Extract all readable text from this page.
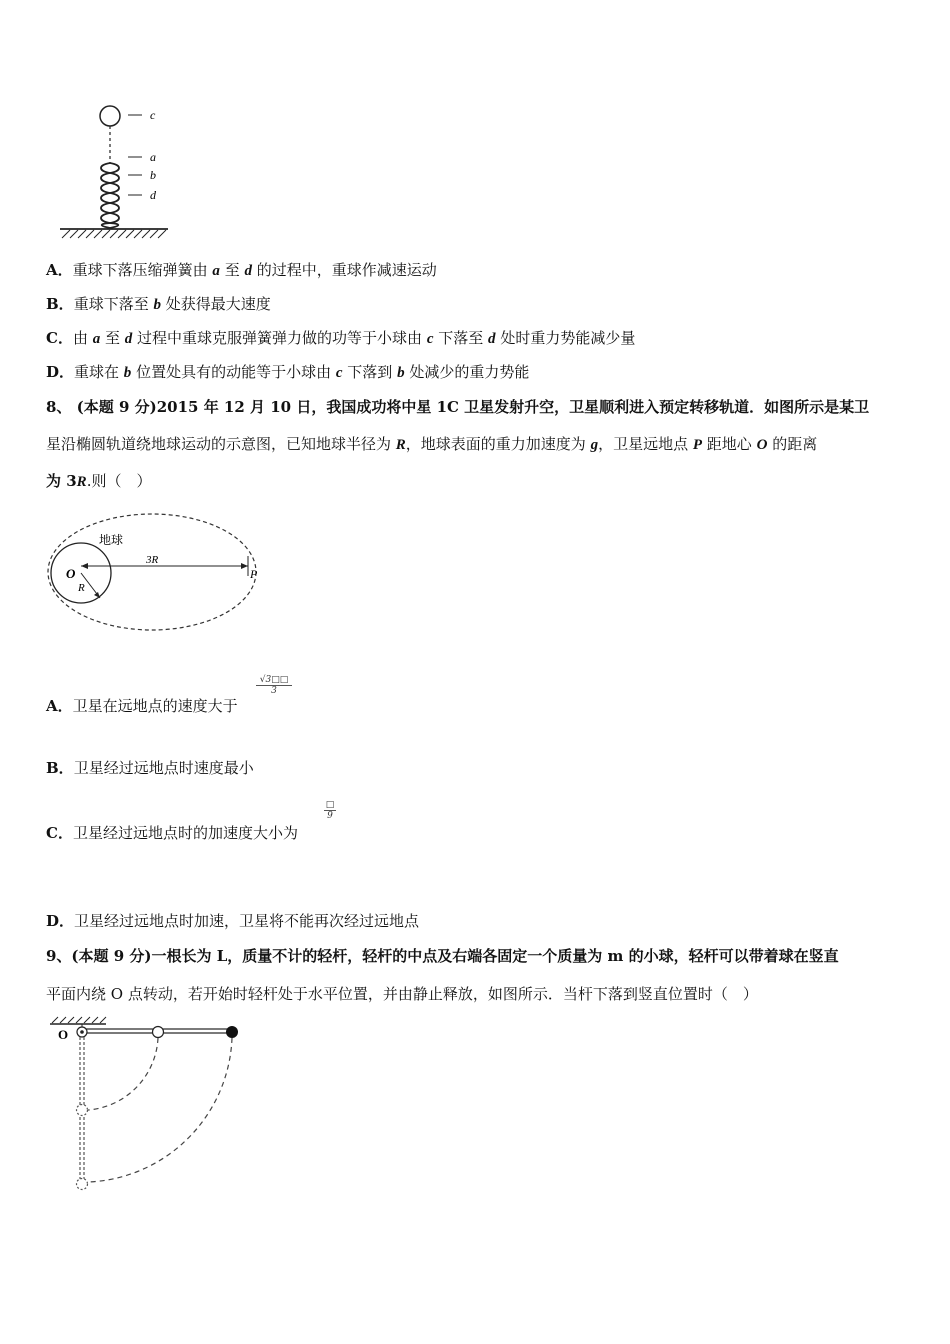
c
a
b
d
A．重球下落压缩弹簧由 a 至 d 的过程中，重球作减速运动
B．重球下落至 b 处获得最大速度
C．由 a 至 d 过程中重球克服弹簧弹力做的功等于小球由 c 下落至 d 处时重力势能减少量
D．重球在 b 位置处具有的动能等于小球由 c 下落到 b 处减少的重力势能
8、 (本题 9 分)2015 年 12 月 10 日，我国成功将中星 1C 卫星发射升空，卫星顺利进入预定转移轨道．如图所示是某卫
星沿椭圆轨道绕地球运动的示意图，已知地球半径为 R，地球表面的重力加速度为 g，卫星远地点 P 距地心 O 的距离
为 3R.则（　）
地球
O
R
3R
P
A．卫星在远地点的速度大于
$\frac{√3□□}{3}$
B．卫星经过远地点时速度最小
C．卫星经过远地点时的加速度大小为
□
9
D．卫星经过远地点时加速，卫星将不能再次经过远地点
9、(本题 9 分)一根长为 L，质量不计的轻杆，轻杆的中点及右端各固定一个质量为 m 的小球，轻杆可以带着球在竖直
平面内绕 O 点转动，若开始时轻杆处于水平位置，并由静止释放，如图所示．当杆下落到竖直位置时（　）
O
